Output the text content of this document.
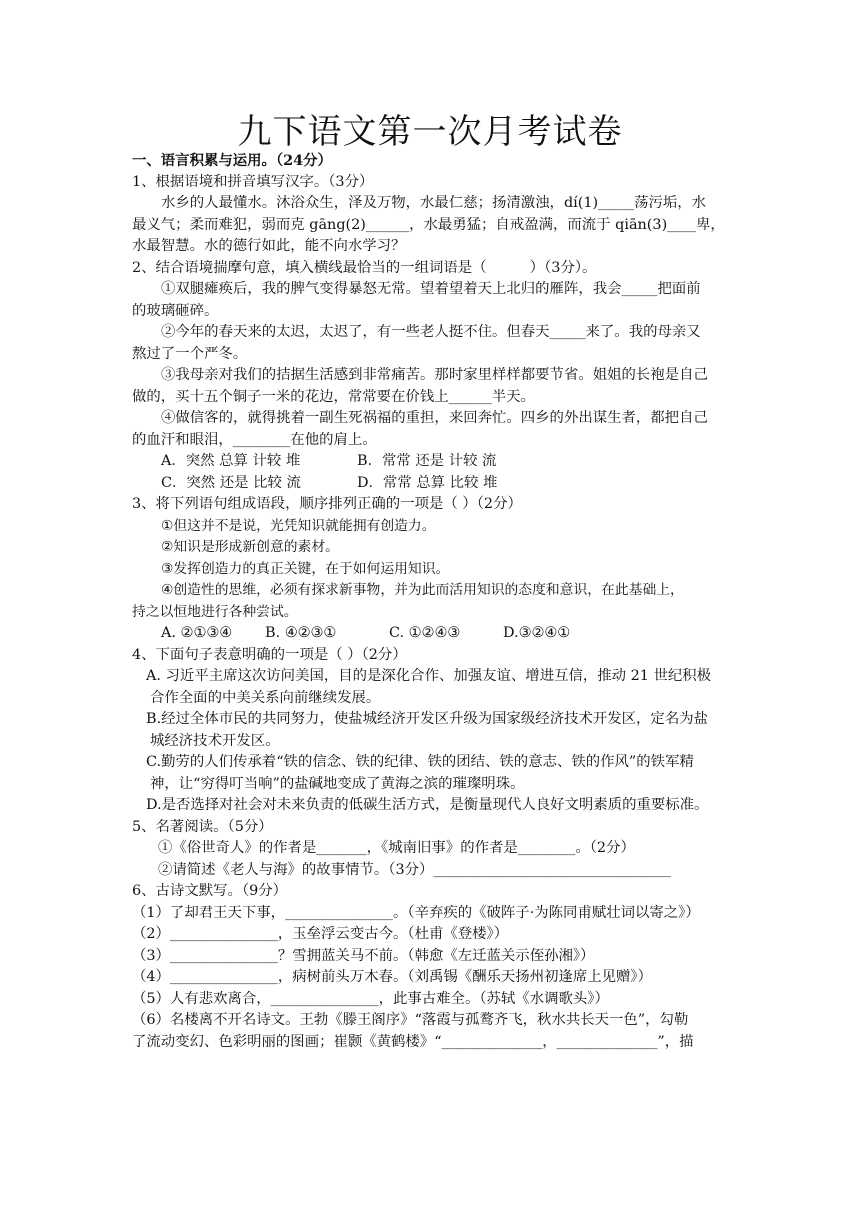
九下语文第一次月考试卷
一、语言积累与运用。（24分）
1、根据语境和拼音填写汉字。（3分）
水乡的人最懂水。沐浴众生，泽及万物，水最仁慈；扬清激浊，dí(1)_____荡污垢，水
最义气；柔而难犯，弱而克 gāng(2)______，水最勇猛；自戒盈满，而流于 qiān(3)____卑，
水最智慧。水的德行如此，能不向水学习？
2、结合语境揣摩句意，填入横线最恰当的一组词语是（　　　）（3分）。
①双腿瘫痪后，我的脾气变得暴怒无常。望着望着天上北归的雁阵，我会_____把面前
的玻璃砸碎。
②今年的春天来的太迟，太迟了，有一些老人挺不住。但春天_____来了。我的母亲又
熬过了一个严冬。
③我母亲对我们的拮据生活感到非常痛苦。那时家里样样都要节省。姐姐的长袍是自己
做的，买十五个铜子一米的花边，常常要在价钱上______半天。
④做信客的，就得挑着一副生死祸福的重担，来回奔忙。四乡的外出谋生者，都把自己
的血汗和眼泪，________在他的肩上。
A．突然 总算 计较 堆	B．常常 还是 计较 流
C．突然 还是 比较 流	D．常常 总算 比较 堆
3、将下列语句组成语段，顺序排列正确的一项是（ ）（2分）
①但这并不是说，光凭知识就能拥有创造力。
②知识是形成新创意的素材。
③发挥创造力的真正关键，在于如何运用知识。
④创造性的思维，必须有探求新事物，并为此而活用知识的态度和意识，在此基础上，
持之以恒地进行各种尝试。
A. ②①③④ B. ④②③①	C. ①②④③	D.③②④①
4、下面句子表意明确的一项是（ ）（2分）
A. 习近平主席这次访问美国，目的是深化合作、加强友谊、增进互信，推动 21 世纪积极
合作全面的中美关系向前继续发展。
B.经过全体市民的共同努力，使盐城经济开发区升级为国家级经济技术开发区，定名为盐
城经济技术开发区。
C.勤劳的人们传承着“铁的信念、铁的纪律、铁的团结、铁的意志、铁的作风”的铁军精
神，让“穷得叮当响”的盐碱地变成了黄海之滨的璀璨明珠。
D.是否选择对社会对未来负责的低碳生活方式，是衡量现代人良好文明素质的重要标准。
5、名著阅读。（5分）
①《俗世奇人》的作者是_______，《城南旧事》的作者是________。（2分）
②请简述《老人与海》的故事情节。（3分）_________________________________
6、古诗文默写。（9分）
（1）了却君王天下事，_______________。（辛弃疾的《破阵子·为陈同甫赋壮词以寄之》）
（2）_______________，玉垒浮云变古今。（杜甫《登楼》）
（3）_______________？雪拥蓝关马不前。（韩愈《左迁蓝关示侄孙湘》）
（4）_______________，病树前头万木春。（刘禹锡《酬乐天扬州初逢席上见赠》）
（5）人有悲欢离合，_______________，此事古难全。（苏轼《水调歌头》）
（6）名楼离不开名诗文。王勃《滕王阁序》“落霞与孤鹜齐飞，秋水共长天一色”，勾勒
了流动变幻、色彩明丽的图画；崔颢《黄鹤楼》“______________，______________”，描
